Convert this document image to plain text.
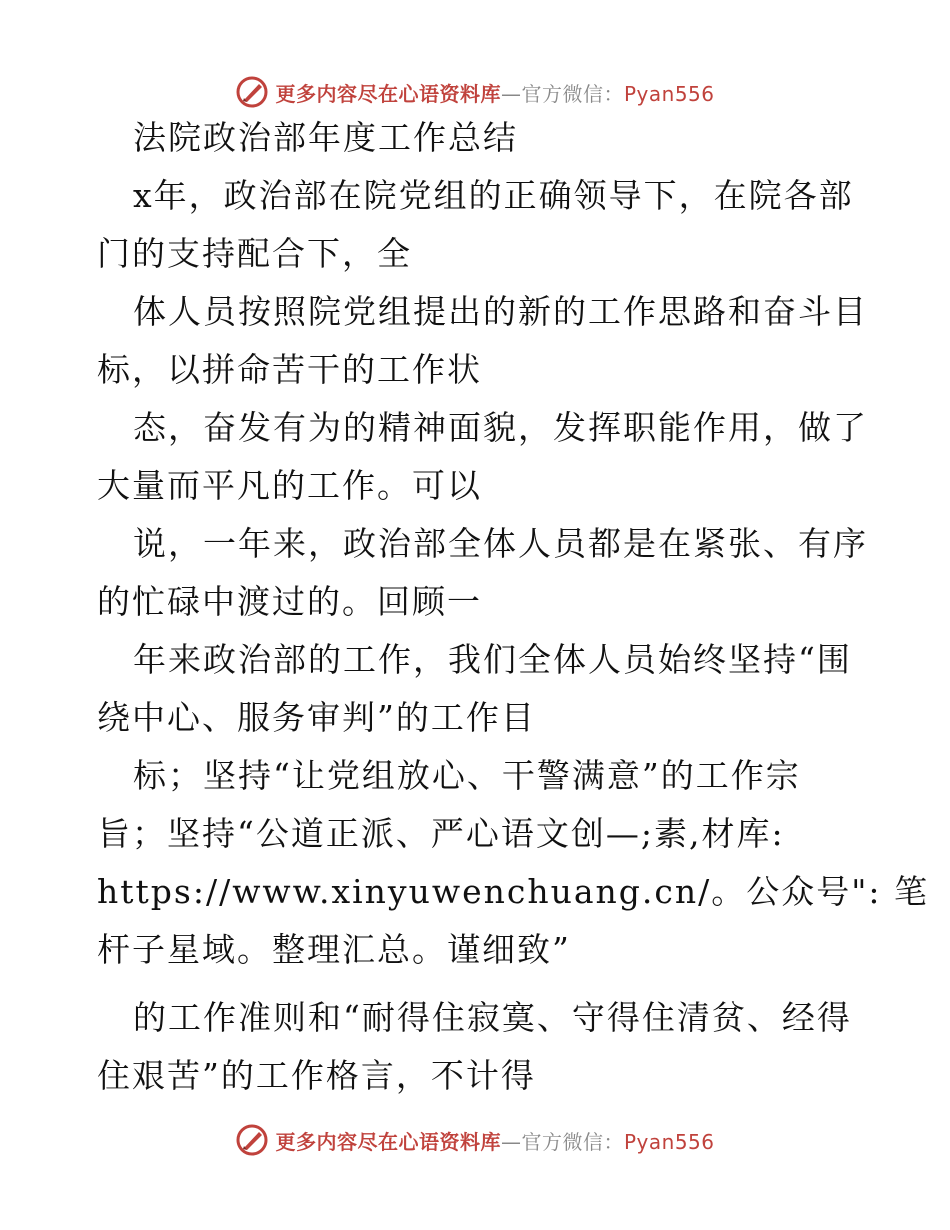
更多内容尽在心语资料库—官方微信：Pyan556
法院政治部年度工作总结
x年，政治部在院党组的正确领导下，在院各部
门的支持配合下，全
体人员按照院党组提出的新的工作思路和奋斗目
标，以拼命苦干的工作状
态，奋发有为的精神面貌，发挥职能作用，做了
大量而平凡的工作。可以
说，一年来，政治部全体人员都是在紧张、有序
的忙碌中渡过的。回顾一
年来政治部的工作，我们全体人员始终坚持“围
绕中心、服务审判”的工作目
标；坚持“让党组放心、干警满意”的工作宗
旨；坚持“公道正派、严心语文创—;素,材库:
https://www.xinyuwenchuang.cn/。公众号": 笔
杆子星域。整理汇总。谨细致”
的工作准则和“耐得住寂寞、守得住清贫、经得
住艰苦”的工作格言，不计得
更多内容尽在心语资料库—官方微信：Pyan556
